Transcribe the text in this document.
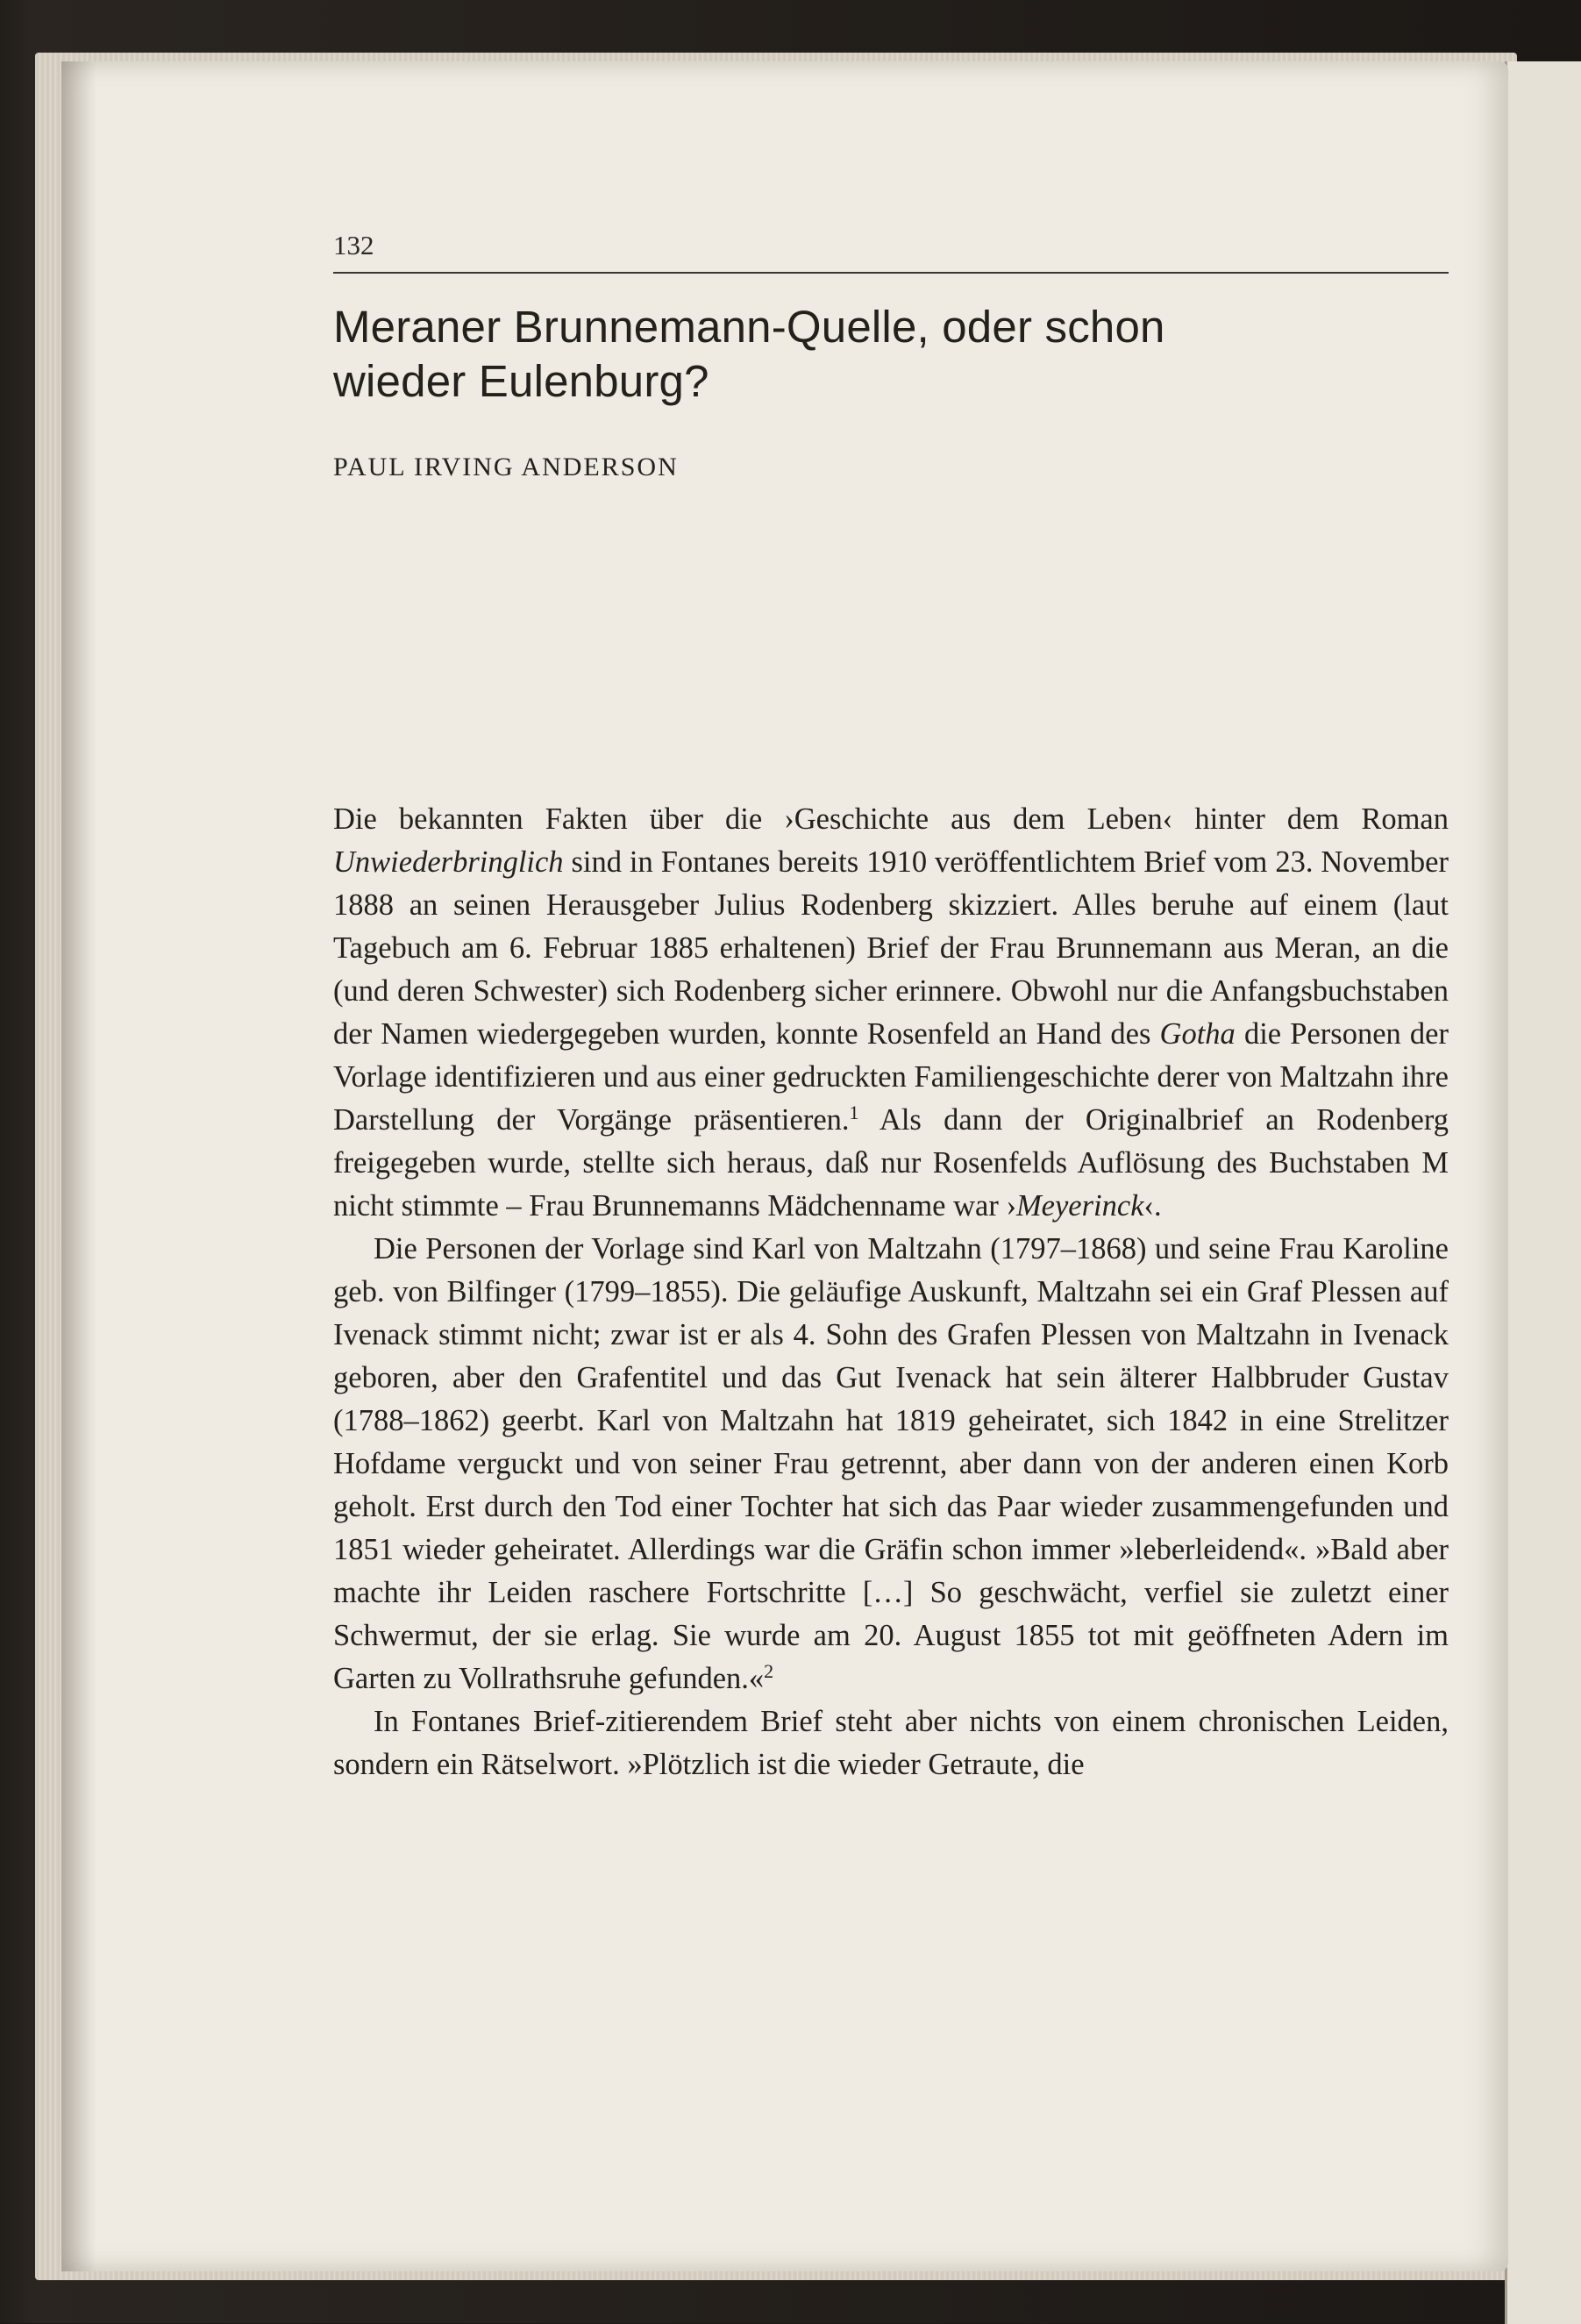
132
Meraner Brunnemann-Quelle, oder schon wieder Eulenburg?
PAUL IRVING ANDERSON

Die bekannten Fakten über die ›Geschichte aus dem Leben‹ hinter dem Roman Unwiederbringlich sind in Fontanes bereits 1910 veröffentlichtem Brief vom 23. November 1888 an seinen Herausgeber Julius Rodenberg skizziert. Alles beruhe auf einem (laut Tagebuch am 6. Februar 1885 erhaltenen) Brief der Frau Brunnemann aus Meran, an die (und deren Schwester) sich Rodenberg sicher erinnere. Obwohl nur die Anfangsbuchstaben der Namen wiedergegeben wurden, konnte Rosenfeld an Hand des Gotha die Personen der Vorlage identifizieren und aus einer gedruckten Familiengeschichte derer von Maltzahn ihre Darstellung der Vorgänge präsentieren.$^1$ Als dann der Originalbrief an Rodenberg freigegeben wurde, stellte sich heraus, daß nur Rosenfelds Auflösung des Buchstaben M nicht stimmte – Frau Brunnemanns Mädchenname war ›Meyerinck‹.

Die Personen der Vorlage sind Karl von Maltzahn (1797–1868) und seine Frau Karoline geb. von Bilfinger (1799–1855). Die geläufige Auskunft, Maltzahn sei ein Graf Plessen auf Ivenack stimmt nicht; zwar ist er als 4. Sohn des Grafen Plessen von Maltzahn in Ivenack geboren, aber den Grafentitel und das Gut Ivenack hat sein älterer Halbbruder Gustav (1788–1862) geerbt. Karl von Maltzahn hat 1819 geheiratet, sich 1842 in eine Strelitzer Hofdame verguckt und von seiner Frau getrennt, aber dann von der anderen einen Korb geholt. Erst durch den Tod einer Tochter hat sich das Paar wieder zusammengefunden und 1851 wieder geheiratet. Allerdings war die Gräfin schon immer »leberleidend«. »Bald aber machte ihr Leiden raschere Fortschritte […] So geschwächt, verfiel sie zuletzt einer Schwermut, der sie erlag. Sie wurde am 20. August 1855 tot mit geöffneten Adern im Garten zu Vollrathsruhe gefunden.«$^2$

In Fontanes Brief-zitierendem Brief steht aber nichts von einem chronischen Leiden, sondern ein Rätselwort. »Plötzlich ist die wieder Getraute, die
